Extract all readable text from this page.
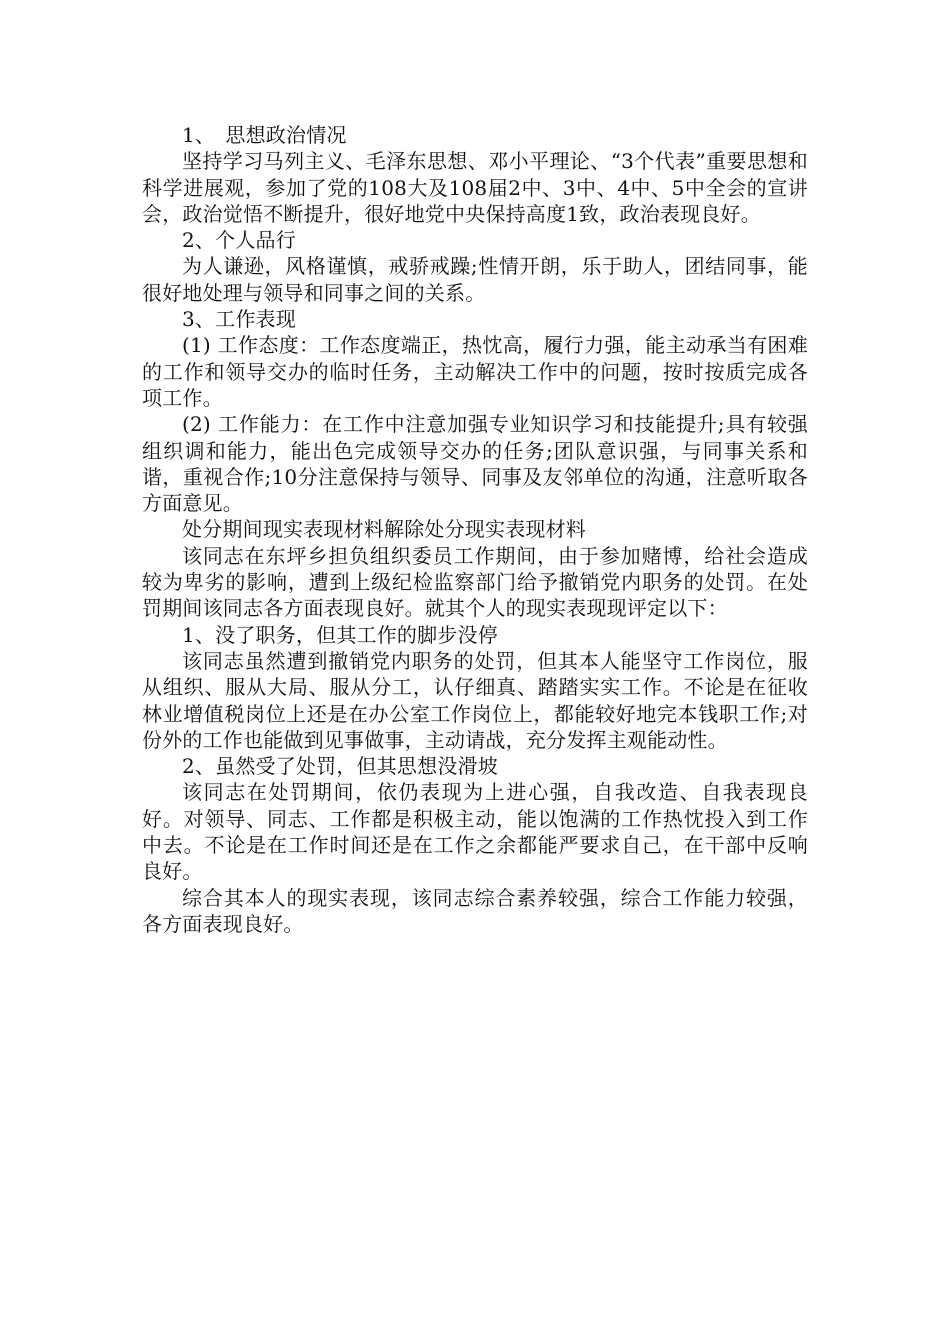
1、　思想政治情况

坚持学习马列主义、毛泽东思想、邓小平理论、“3个代表”重要思想和科学进展观，参加了党的108大及108届2中、3中、4中、5中全会的宣讲会，政治觉悟不断提升，很好地党中央保持高度1致，政治表现良好。

2、个人品行

为人谦逊，风格谨慎，戒骄戒躁;性情开朗，乐于助人，团结同事，能很好地处理与领导和同事之间的关系。

3、工作表现

(1) 工作态度：工作态度端正，热忱高，履行力强，能主动承当有困难的工作和领导交办的临时任务，主动解决工作中的问题，按时按质完成各项工作。

(2) 工作能力：在工作中注意加强专业知识学习和技能提升;具有较强组织调和能力，能出色完成领导交办的任务;团队意识强，与同事关系和谐，重视合作;10分注意保持与领导、同事及友邻单位的沟通，注意听取各方面意见。

处分期间现实表现材料解除处分现实表现材料

该同志在东坪乡担负组织委员工作期间，由于参加赌博，给社会造成较为卑劣的影响，遭到上级纪检监察部门给予撤销党内职务的处罚。在处罚期间该同志各方面表现良好。就其个人的现实表现现评定以下：

1、没了职务，但其工作的脚步没停

该同志虽然遭到撤销党内职务的处罚，但其本人能坚守工作岗位，服从组织、服从大局、服从分工，认仔细真、踏踏实实工作。不论是在征收林业增值税岗位上还是在办公室工作岗位上，都能较好地完本钱职工作;对份外的工作也能做到见事做事，主动请战，充分发挥主观能动性。

2、虽然受了处罚，但其思想没滑坡

该同志在处罚期间，依仍表现为上进心强，自我改造、自我表现良好。对领导、同志、工作都是积极主动，能以饱满的工作热忱投入到工作中去。不论是在工作时间还是在工作之余都能严要求自己，在干部中反响良好。

综合其本人的现实表现，该同志综合素养较强，综合工作能力较强，各方面表现良好。
